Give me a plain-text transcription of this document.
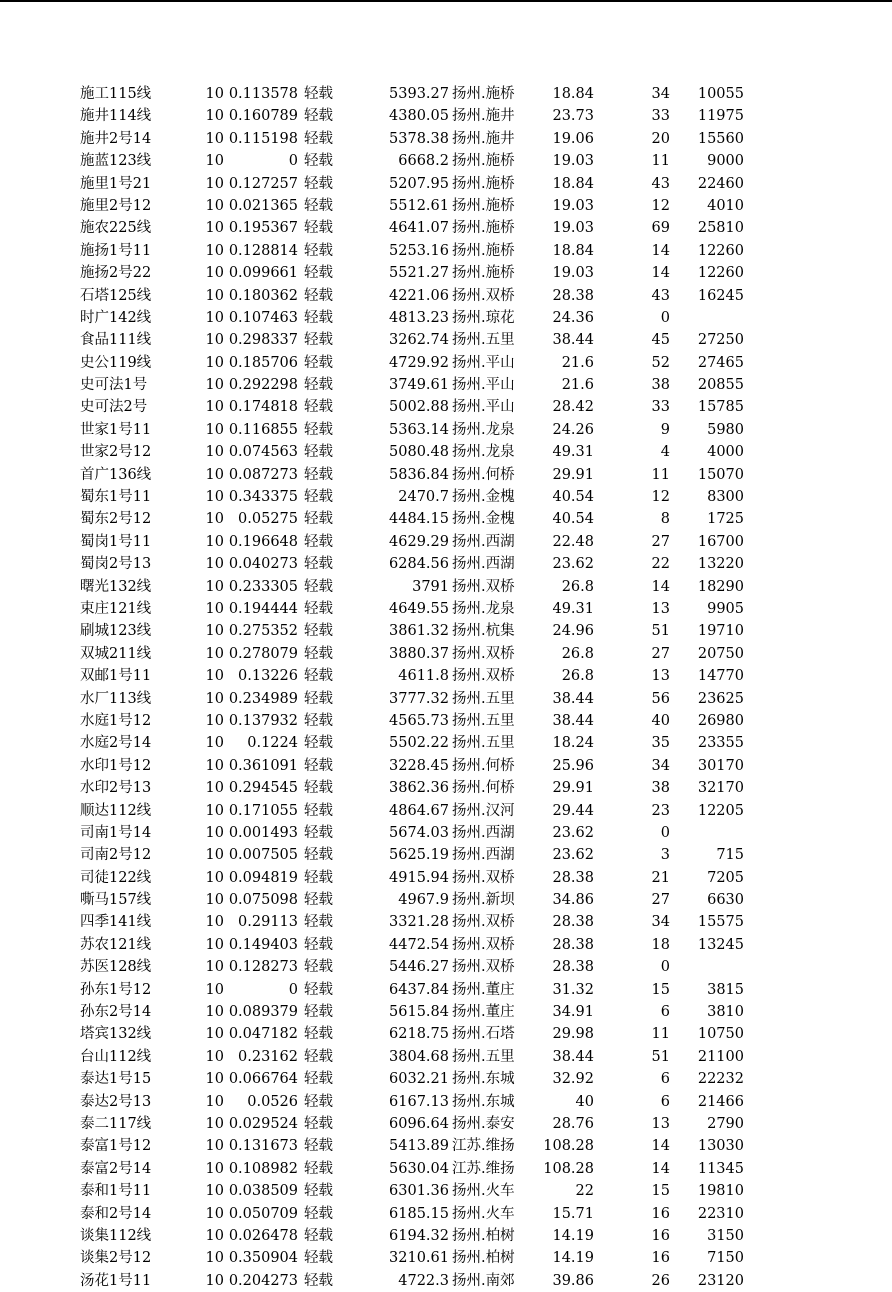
施工115线	10 0.113578 轻载	5393.27 扬州.施桥	18.84	34	10055
施井114线	10 0.160789 轻载	4380.05 扬州.施井	23.73	33	11975
施井2号14	10 0.115198 轻载	5378.38 扬州.施井	19.06	20	15560
施蓝123线	10	0 轻载	6668.2 扬州.施桥	19.03	11	9000
施里1号21	10 0.127257 轻载	5207.95 扬州.施桥	18.84	43	22460
施里2号12	10 0.021365 轻载	5512.61 扬州.施桥	19.03	12	4010
施农225线	10 0.195367 轻载	4641.07 扬州.施桥	19.03	69	25810
施扬1号11	10 0.128814 轻载	5253.16 扬州.施桥	18.84	14	12260
施扬2号22	10 0.099661 轻载	5521.27 扬州.施桥	19.03	14	12260
石塔125线	10 0.180362 轻载	4221.06 扬州.双桥	28.38	43	16245
时广142线	10 0.107463 轻载	4813.23 扬州.琼花	24.36	0
食品111线	10 0.298337 轻载	3262.74 扬州.五里	38.44	45	27250
史公119线	10 0.185706 轻载	4729.92 扬州.平山	21.6	52	27465
史可法1号	10 0.292298 轻载	3749.61 扬州.平山	21.6	38	20855
史可法2号	10 0.174818 轻载	5002.88 扬州.平山	28.42	33	15785
世家1号11	10 0.116855 轻载	5363.14 扬州.龙泉	24.26	9	5980
世家2号12	10 0.074563 轻载	5080.48 扬州.龙泉	49.31	4	4000
首广136线	10 0.087273 轻载	5836.84 扬州.何桥	29.91	11	15070
蜀东1号11	10 0.343375 轻载	2470.7 扬州.金槐	40.54	12	8300
蜀东2号12	10 0.05275 轻载	4484.15 扬州.金槐	40.54	8	1725
蜀岗1号11	10 0.196648 轻载	4629.29 扬州.西湖	22.48	27	16700
蜀岗2号13	10 0.040273 轻载	6284.56 扬州.西湖	23.62	22	13220
曙光132线	10 0.233305 轻载	3791 扬州.双桥	26.8	14	18290
束庄121线	10 0.194444 轻载	4649.55 扬州.龙泉	49.31	13	9905
刷城123线	10 0.275352 轻载	3861.32 扬州.杭集	24.96	51	19710
双城211线	10 0.278079 轻载	3880.37 扬州.双桥	26.8	27	20750
双邮1号11	10 0.13226 轻载	4611.8 扬州.双桥	26.8	13	14770
水厂113线	10 0.234989 轻载	3777.32 扬州.五里	38.44	56	23625
水庭1号12	10 0.137932 轻载	4565.73 扬州.五里	38.44	40	26980
水庭2号14	10	0.1224 轻载	5502.22 扬州.五里	18.24	35	23355
水印1号12	10 0.361091 轻载	3228.45 扬州.何桥	25.96	34	30170
水印2号13	10 0.294545 轻载	3862.36 扬州.何桥	29.91	38	32170
顺达112线	10 0.171055 轻载	4864.67 扬州.汉河	29.44	23	12205
司南1号14	10 0.001493 轻载	5674.03 扬州.西湖	23.62	0
司南2号12	10 0.007505 轻载	5625.19 扬州.西湖	23.62	3	715
司徒122线	10 0.094819 轻载	4915.94 扬州.双桥	28.38	21	7205
嘶马157线	10 0.075098 轻载	4967.9 扬州.新坝	34.86	27	6630
四季141线	10 0.29113 轻载	3321.28 扬州.双桥	28.38	34	15575
苏农121线	10 0.149403 轻载	4472.54 扬州.双桥	28.38	18	13245
苏医128线	10 0.128273 轻载	5446.27 扬州.双桥	28.38	0
孙东1号12	10	0 轻载	6437.84 扬州.董庄	31.32	15	3815
孙东2号14	10 0.089379 轻载	5615.84 扬州.董庄	34.91	6	3810
塔宾132线	10 0.047182 轻载	6218.75 扬州.石塔	29.98	11	10750
台山112线	10 0.23162 轻载	3804.68 扬州.五里	38.44	51	21100
泰达1号15	10 0.066764 轻载	6032.21 扬州.东城	32.92	6	22232
泰达2号13	10	0.0526 轻载	6167.13 扬州.东城	40	6	21466
泰二117线	10 0.029524 轻载	6096.64 扬州.泰安	28.76	13	2790
泰富1号12	10 0.131673 轻载	5413.89 江苏.维扬	108.28	14	13030
泰富2号14	10 0.108982 轻载	5630.04 江苏.维扬	108.28	14	11345
泰和1号11	10 0.038509 轻载	6301.36 扬州.火车	22	15	19810
泰和2号14	10 0.050709 轻载	6185.15 扬州.火车	15.71	16	22310
谈集112线	10 0.026478 轻载	6194.32 扬州.柏树	14.19	16	3150
谈集2号12	10 0.350904 轻载	3210.61 扬州.柏树	14.19	16	7150
汤花1号11	10 0.204273 轻载	4722.3 扬州.南郊	39.86	26	23120
